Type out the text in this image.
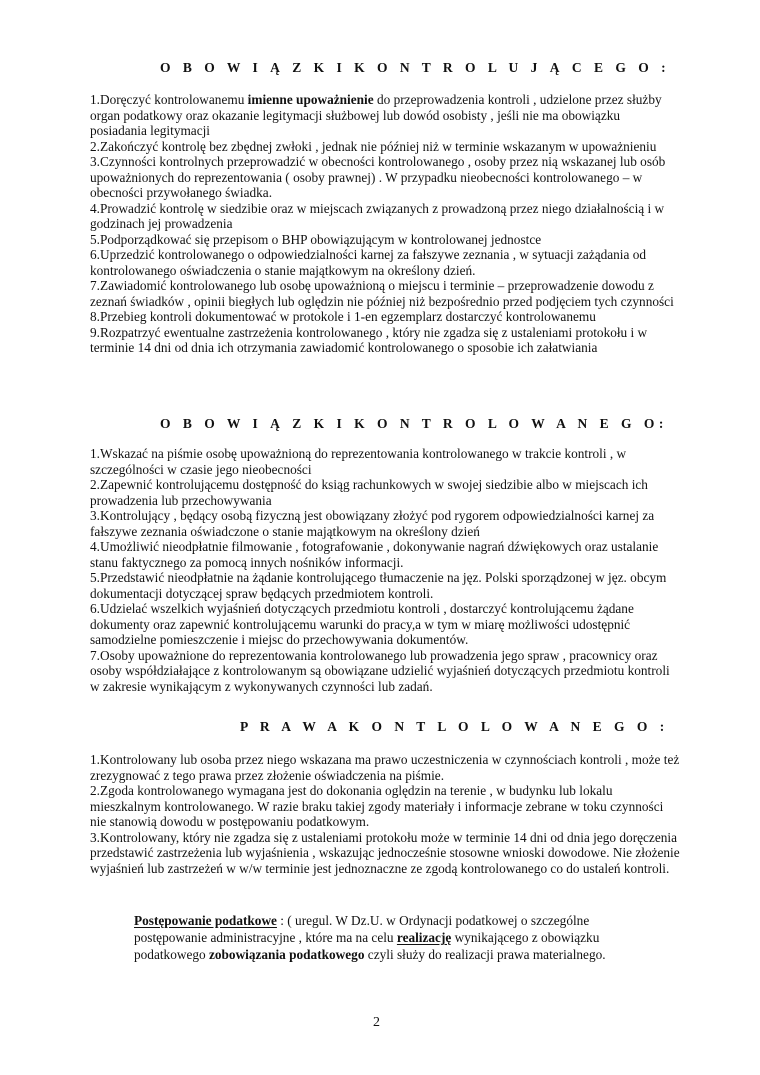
O B O W I Ą Z K I K O N T R O L U J Ą C E G O :

1.Doręczyć kontrolowanemu imienne upoważnienie do przeprowadzenia kontroli , udzielone przez służby organ podatkowy oraz okazanie legitymacji służbowej lub dowód osobisty , jeśli nie ma obowiązku posiadania legitymacji

2.Zakończyć kontrolę bez zbędnej zwłoki , jednak nie później niż w terminie wskazanym w upoważnieniu

3.Czynności kontrolnych przeprowadzić w obecności kontrolowanego , osoby przez nią wskazanej lub osób upoważnionych do reprezentowania ( osoby prawnej) . W przypadku nieobecności kontrolowanego – w obecności przywołanego świadka.

4.Prowadzić kontrolę w siedzibie oraz w miejscach związanych z prowadzoną przez niego działalnością i w godzinach jej prowadzenia

5.Podporządkować się przepisom o BHP obowiązującym w kontrolowanej jednostce

6.Uprzedzić kontrolowanego o odpowiedzialności karnej za fałszywe zeznania , w sytuacji zażądania od kontrolowanego oświadczenia o stanie majątkowym na określony dzień.

7.Zawiadomić kontrolowanego lub osobę upoważnioną o miejscu i terminie – przeprowadzenie dowodu z zeznań świadków , opinii biegłych lub oględzin nie później niż bezpośrednio przed podjęciem tych czynności

8.Przebieg kontroli dokumentować w protokole i 1-en egzemplarz dostarczyć kontrolowanemu

9.Rozpatrzyć ewentualne zastrzeżenia kontrolowanego , który nie zgadza się z ustaleniami protokołu i w terminie 14 dni od dnia ich otrzymania zawiadomić kontrolowanego o sposobie ich załatwiania

O B O W I Ą Z K I K O N T R O L O W A N E G O:

1.Wskazać na piśmie osobę upoważnioną do reprezentowania kontrolowanego w trakcie kontroli , w szczególności w czasie jego nieobecności

2.Zapewnić kontrolującemu dostępność do ksiąg rachunkowych w swojej siedzibie albo w miejscach ich prowadzenia lub przechowywania

3.Kontrolujący , będący osobą fizyczną jest obowiązany złożyć pod rygorem odpowiedzialności karnej za fałszywe zeznania oświadczone o stanie majątkowym na określony dzień

4.Umożliwić nieodpłatnie filmowanie , fotografowanie , dokonywanie nagrań dźwiękowych oraz ustalanie stanu faktycznego za pomocą innych nośników informacji.

5.Przedstawić nieodpłatnie na żądanie kontrolującego tłumaczenie na jęz. Polski sporządzonej w jęz. obcym dokumentacji dotyczącej spraw będących przedmiotem kontroli.

6.Udzielać wszelkich wyjaśnień dotyczących przedmiotu kontroli , dostarczyć kontrolującemu żądane dokumenty oraz zapewnić kontrolującemu warunki do pracy,a w tym w miarę możliwości udostępnić samodzielne pomieszczenie i miejsc do przechowywania dokumentów.

7.Osoby upoważnione do reprezentowania kontrolowanego lub prowadzenia jego spraw , pracownicy oraz osoby współdziałające z kontrolowanym są obowiązane udzielić wyjaśnień dotyczących przedmiotu kontroli w zakresie wynikającym z wykonywanych czynności lub zadań.

P R A W A K O N T L O L O W A N E G O :

1.Kontrolowany lub osoba przez niego wskazana ma prawo uczestniczenia w czynnościach kontroli , może też zrezygnować z tego prawa przez złożenie oświadczenia na piśmie.

2.Zgoda kontrolowanego wymagana jest do dokonania oględzin na terenie , w budynku lub lokalu mieszkalnym kontrolowanego. W razie braku takiej zgody materiały i informacje zebrane w toku czynności nie stanowią dowodu w postępowaniu podatkowym.

3.Kontrolowany, który nie zgadza się z ustaleniami protokołu może w terminie 14 dni od dnia jego doręczenia przedstawić zastrzeżenia lub wyjaśnienia , wskazując jednocześnie stosowne wnioski dowodowe. Nie złożenie wyjaśnień lub zastrzeżeń w w/w terminie jest jednoznaczne ze zgodą kontrolowanego co do ustaleń kontroli.

Postępowanie podatkowe : ( uregul. W Dz.U. w Ordynacji podatkowej o szczególne postępowanie administracyjne , które ma na celu realizację wynikającego z obowiązku podatkowego zobowiązania podatkowego czyli służy do realizacji prawa materialnego.
2
